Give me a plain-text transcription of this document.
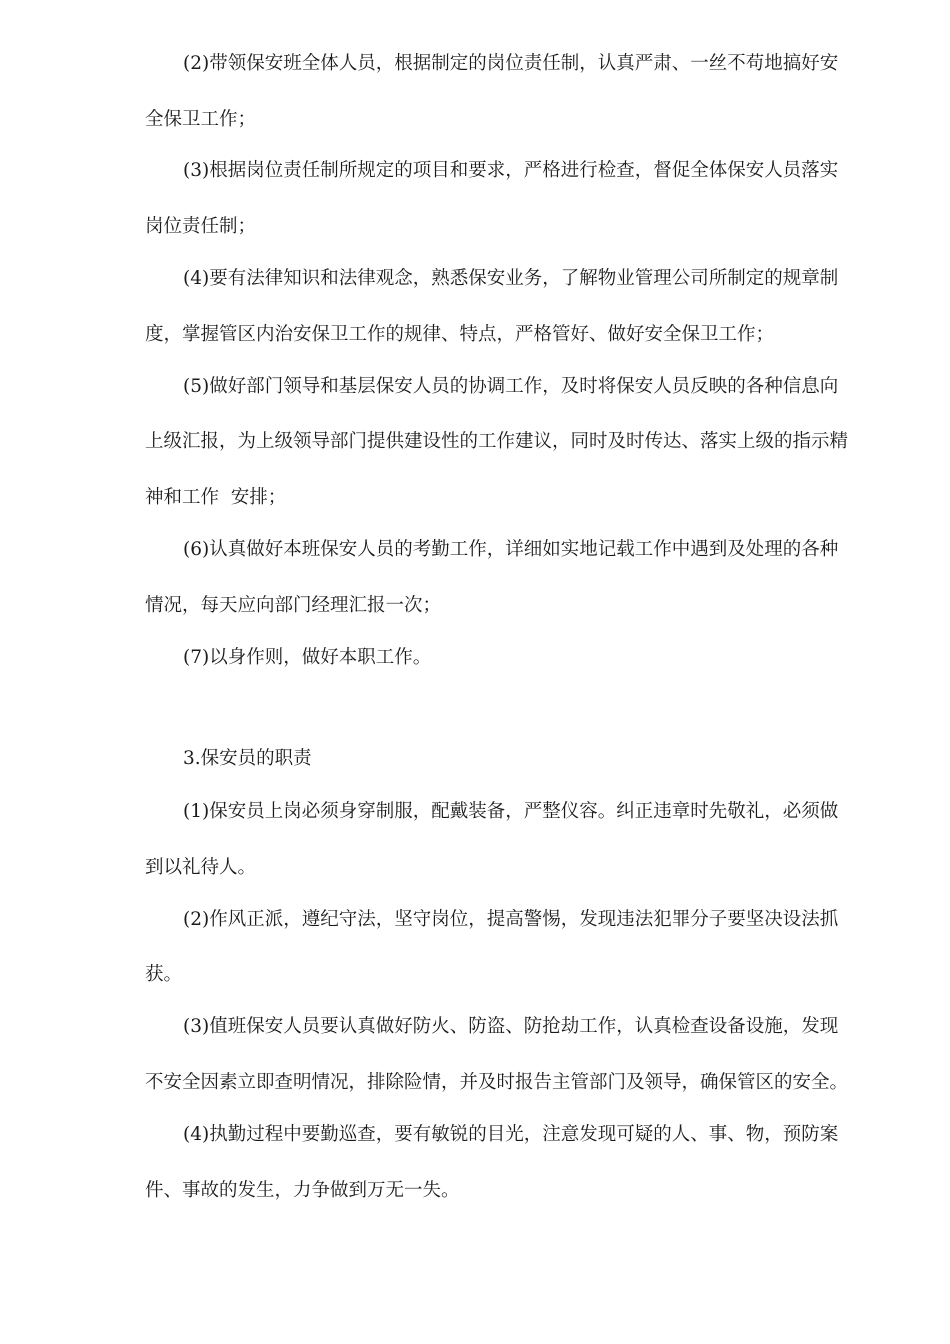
(2)带领保安班全体人员，根据制定的岗位责任制，认真严肃、一丝不苟地搞好安
全保卫工作；
(3)根据岗位责任制所规定的项目和要求，严格进行检查，督促全体保安人员落实
岗位责任制；
(4)要有法律知识和法律观念，熟悉保安业务，了解物业管理公司所制定的规章制
度，掌握管区内治安保卫工作的规律、特点，严格管好、做好安全保卫工作；
(5)做好部门领导和基层保安人员的协调工作，及时将保安人员反映的各种信息向
上级汇报，为上级领导部门提供建设性的工作建议，同时及时传达、落实上级的指示精
神和工作  安排；
(6)认真做好本班保安人员的考勤工作，详细如实地记载工作中遇到及处理的各种
情况，每天应向部门经理汇报一次；
(7)以身作则，做好本职工作。
3.保安员的职责
(1)保安员上岗必须身穿制服，配戴装备，严整仪容。纠正违章时先敬礼，必须做
到以礼待人。
(2)作风正派，遵纪守法，坚守岗位，提高警惕，发现违法犯罪分子要坚决设法抓
获。
(3)值班保安人员要认真做好防火、防盗、防抢劫工作，认真检查设备设施，发现
不安全因素立即查明情况，排除险情，并及时报告主管部门及领导，确保管区的安全。
(4)执勤过程中要勤巡查，要有敏锐的目光，注意发现可疑的人、事、物，预防案
件、事故的发生，力争做到万无一失。
